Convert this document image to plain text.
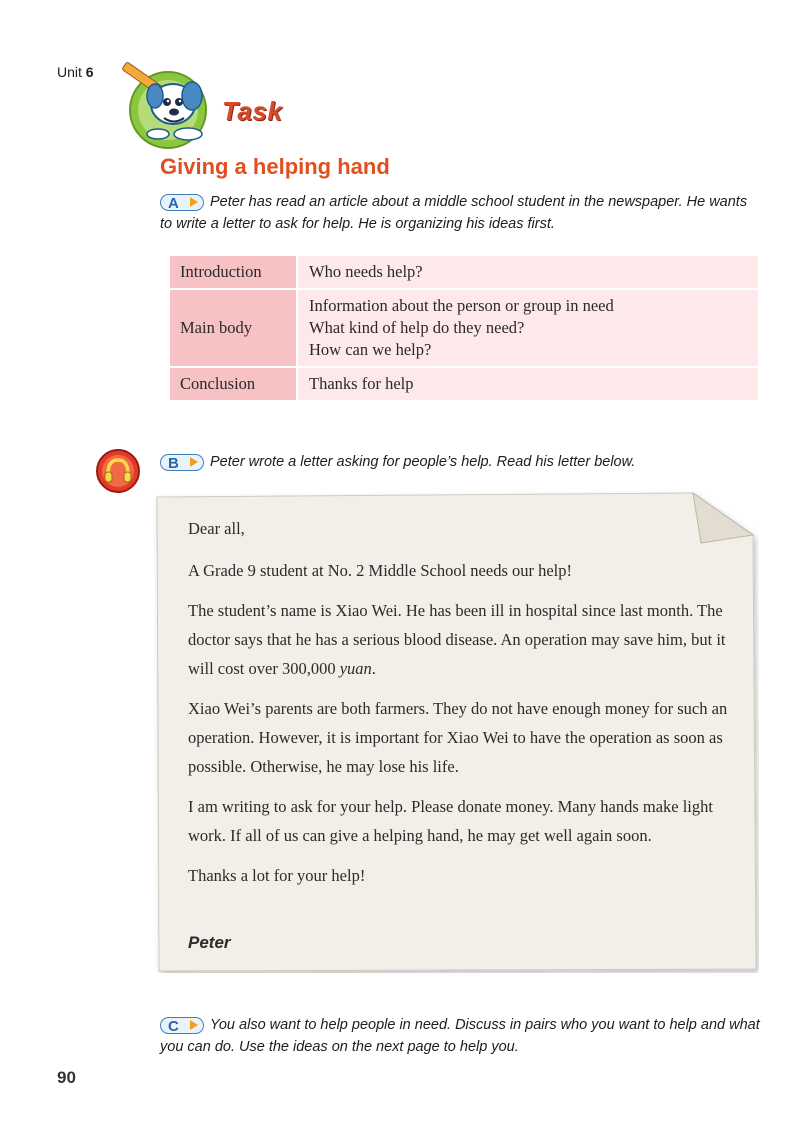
Unit 6
Task
Giving a helping hand
A Peter has read an article about a middle school student in the newspaper. He wants to write a letter to ask for help. He is organizing his ideas first.
Introduction	Who needs help?
Main body	Information about the person or group in need
What kind of help do they need?
How can we help?

Conclusion	Thanks for help
B Peter wrote a letter asking for people’s help. Read his letter below.

Dear all,

A Grade 9 student at No. 2 Middle School needs our help!

The student’s name is Xiao Wei. He has been ill in hospital since last month. The doctor says that he has a serious blood disease. An operation may save him, but it will cost over 300,000 yuan.

Xiao Wei’s parents are both farmers. They do not have enough money for such an operation. However, it is important for Xiao Wei to have the operation as soon as possible. Otherwise, he may lose his life.

I am writing to ask for your help. Please donate money. Many hands make light work. If all of us can give a helping hand, he may get well again soon.

Thanks a lot for your help!

Peter
C You also want to help people in need. Discuss in pairs who you want to help and what you can do. Use the ideas on the next page to help you.
90
